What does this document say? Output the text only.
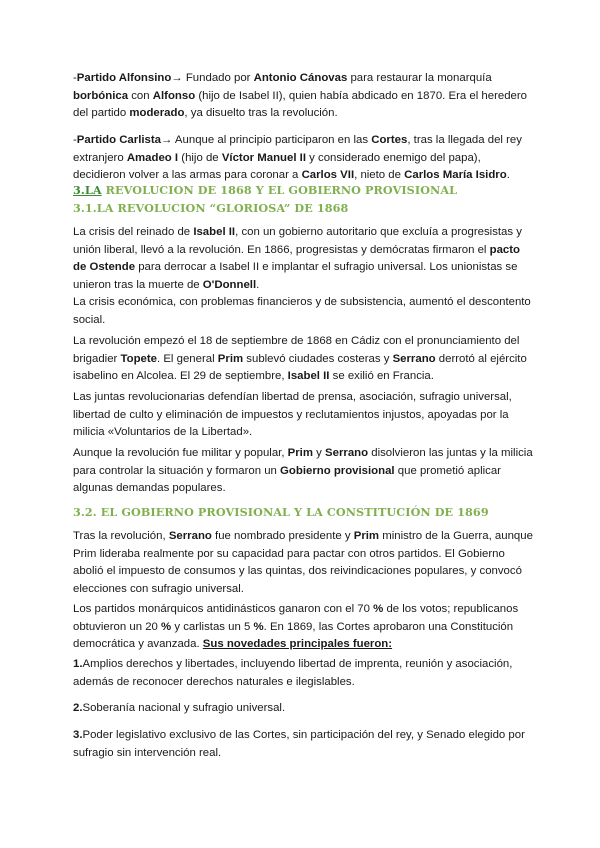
-Partido Alfonsino→ Fundado por Antonio Cánovas para restaurar la monarquía borbónica con Alfonso (hijo de Isabel II), quien había abdicado en 1870. Era el heredero del partido moderado, ya disuelto tras la revolución.
-Partido Carlista→ Aunque al principio participaron en las Cortes, tras la llegada del rey extranjero Amadeo I (hijo de Víctor Manuel II y considerado enemigo del papa), decidieron volver a las armas para coronar a Carlos VII, nieto de Carlos María Isidro.
3.LA REVOLUCION DE 1868 Y EL GOBIERNO PROVISIONAL
3.1.LA REVOLUCION “GLORIOSA” DE 1868
La crisis del reinado de Isabel II, con un gobierno autoritario que excluía a progresistas y unión liberal, llevó a la revolución. En 1866, progresistas y demócratas firmaron el pacto de Ostende para derrocar a Isabel II e implantar el sufragio universal. Los unionistas se unieron tras la muerte de O'Donnell.
La crisis económica, con problemas financieros y de subsistencia, aumentó el descontento social.
La revolución empezó el 18 de septiembre de 1868 en Cádiz con el pronunciamiento del brigadier Topete. El general Prim sublevó ciudades costeras y Serrano derrotó al ejército isabelino en Alcolea. El 29 de septiembre, Isabel II se exilió en Francia.
Las juntas revolucionarias defendían libertad de prensa, asociación, sufragio universal, libertad de culto y eliminación de impuestos y reclutamientos injustos, apoyadas por la milicia «Voluntarios de la Libertad».
Aunque la revolución fue militar y popular, Prim y Serrano disolvieron las juntas y la milicia para controlar la situación y formaron un Gobierno provisional que prometió aplicar algunas demandas populares.
3.2. EL GOBIERNO PROVISIONAL Y LA CONSTITUCIÓN DE 1869
Tras la revolución, Serrano fue nombrado presidente y Prim ministro de la Guerra, aunque Prim lideraba realmente por su capacidad para pactar con otros partidos. El Gobierno abolió el impuesto de consumos y las quintas, dos reivindicaciones populares, y convocó elecciones con sufragio universal.
Los partidos monárquicos antidinásticos ganaron con el 70 % de los votos; republicanos obtuvieron un 20 % y carlistas un 5 %. En 1869, las Cortes aprobaron una Constitución democrática y avanzada. Sus novedades principales fueron:
1.Amplios derechos y libertades, incluyendo libertad de imprenta, reunión y asociación, además de reconocer derechos naturales e ilegislables.
2.Soberanía nacional y sufragio universal.
3.Poder legislativo exclusivo de las Cortes, sin participación del rey, y Senado elegido por sufragio sin intervención real.
